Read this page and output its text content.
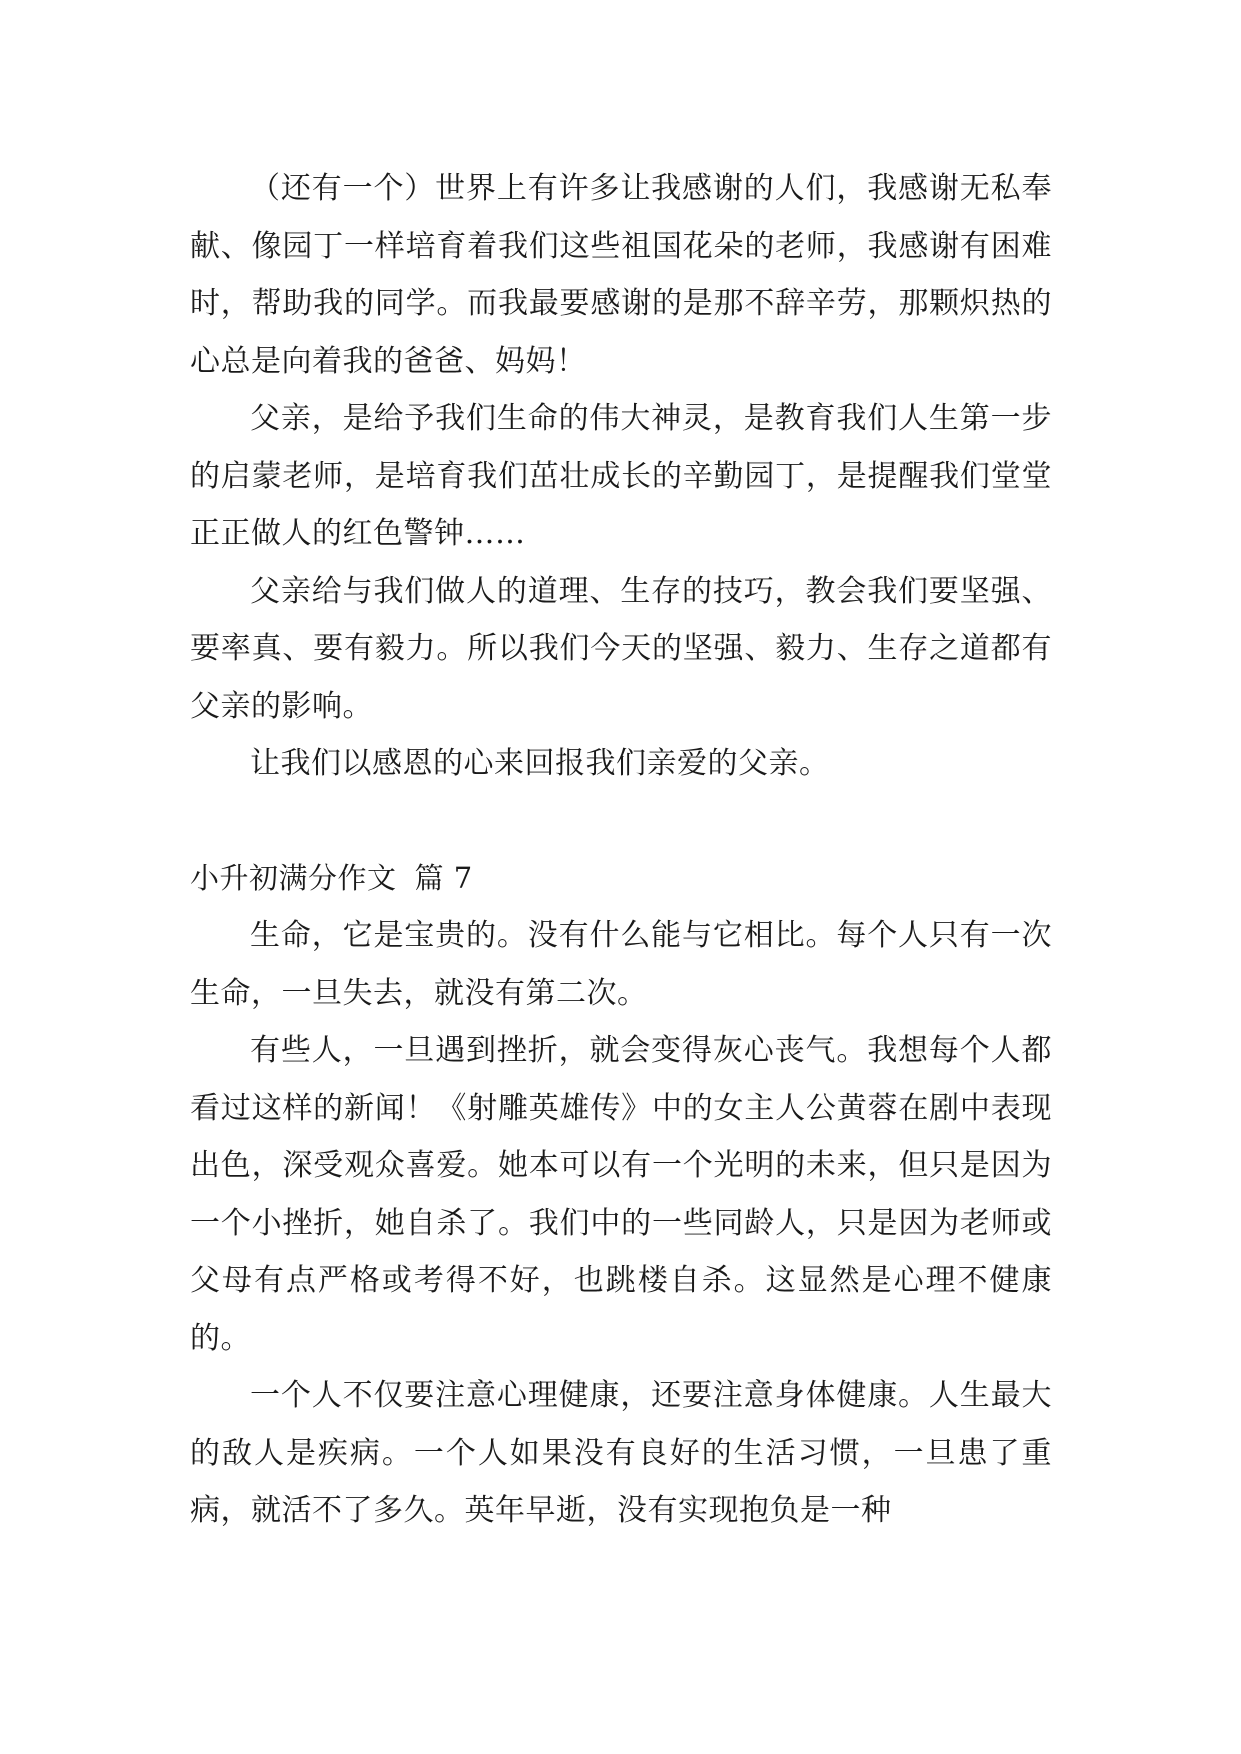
（还有一个）世界上有许多让我感谢的人们，我感谢无私奉献、像园丁一样培育着我们这些祖国花朵的老师，我感谢有困难时，帮助我的同学。而我最要感谢的是那不辞辛劳，那颗炽热的心总是向着我的爸爸、妈妈！

父亲，是给予我们生命的伟大神灵，是教育我们人生第一步的启蒙老师，是培育我们茁壮成长的辛勤园丁，是提醒我们堂堂正正做人的红色警钟……

父亲给与我们做人的道理、生存的技巧，教会我们要坚强、要率真、要有毅力。所以我们今天的坚强、毅力、生存之道都有父亲的影响。

让我们以感恩的心来回报我们亲爱的父亲。

小升初满分作文 篇 7

生命，它是宝贵的。没有什么能与它相比。每个人只有一次生命，一旦失去，就没有第二次。

有些人，一旦遇到挫折，就会变得灰心丧气。我想每个人都看过这样的新闻！《射雕英雄传》中的女主人公黄蓉在剧中表现出色，深受观众喜爱。她本可以有一个光明的未来，但只是因为一个小挫折，她自杀了。我们中的一些同龄人，只是因为老师或父母有点严格或考得不好，也跳楼自杀。这显然是心理不健康的。

一个人不仅要注意心理健康，还要注意身体健康。人生最大的敌人是疾病。一个人如果没有良好的生活习惯，一旦患了重病，就活不了多久。英年早逝，没有实现抱负是一种
